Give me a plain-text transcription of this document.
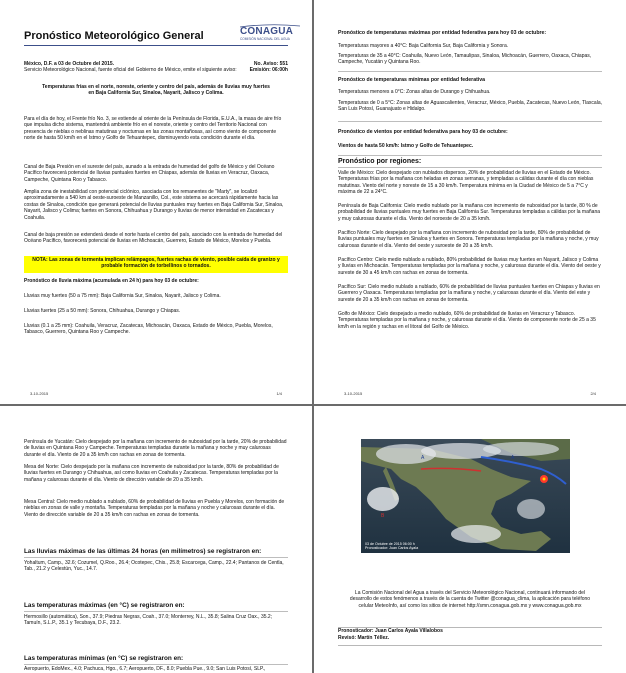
Pronóstico Meteorológico General	CONAGUA
COMISIÓN NACIONAL DEL AGUA
México, D.F. a 03 de Octubre del 2015.
Servicio Meteorológico Nacional, fuente oficial del Gobierno de México, emite el siguiente aviso:
No. Aviso: 551
Emisión: 06:00h
Temperaturas frías en el norte, noreste, oriente y centro del país, además de lluvias muy fuertes en Baja California Sur, Sinaloa, Nayarit, Jalisco y Colima.
Para el día de hoy, el Frente frío No. 3, se extiende al oriente de la Península de Florida, E.U.A., la masa de aire frío que impulsa dicho sistema, mantendrá ambiente frío en el noreste, oriente y centro del Territorio Nacional con presencia de nieblas o neblinas matutinas y nocturnas en las zonas montañosas, así como viento de componente norte de hasta 50 km/h en el Istmo y Golfo de Tehuantepec, disminuyendo esta condición durante el día.
Canal de Baja Presión en el sureste del país, aunado a la entrada de humedad del golfo de México y del Océano Pacífico favorecerá potencial de lluvias puntuales fuertes en Chiapas, además de lluvias en Veracruz, Oaxaca, Campeche, Quintana Roo y Tabasco.
Amplia zona de inestabilidad con potencial ciclónico, asociada con los remanentes de "Marty", se localizó aproximadamente a 540 km al oeste-suroeste de Manzanillo, Col., este sistema se acercará rápidamente hacia las costas de Sinaloa, condición que generará potencial de lluvias puntuales muy fuertes en Baja California Sur, Sinaloa, Nayarit, Jalisco y Colima; fuertes en Sonora, Chihuahua y Durango y lluvias de menor intensidad en Zacatecas y Coahuila.
Canal de baja presión se extenderá desde el norte hasta el centro del país, asociado con la entrada de humedad del Océano Pacífico, favorecerá potencial de lluvias en Michoacán, Guerrero, Estado de México, Morelos y Puebla.
NOTA: Las zonas de tormenta implican relámpagos, fuertes rachas de viento, posible caída de granizo y probable formación de torbellinos o tornados.
Pronóstico de lluvia máxima (acumulada en 24 h) para hoy 03 de octubre:
Lluvias muy fuertes (50 a 75 mm): Baja California Sur, Sinaloa, Nayarit, Jalisco y Colima.
Lluvias fuertes (25 a 50 mm): Sonora, Chihuahua, Durango y Chiapas.
Lluvias (0.1 a 25 mm): Coahuila, Veracruz, Zacatecas, Michoacán, Oaxaca, Estado de México, Puebla, Morelos, Tabasco, Guerrero, Quintana Roo y Campeche.
3-10-2015	1/4
Pronóstico de temperaturas máximas por entidad federativa para hoy 03 de octubre:
Temperaturas mayores a 40°C: Baja California Sur, Baja California y Sonora.
Temperaturas de 35 a 40°C: Coahuila, Nuevo León, Tamaulipas, Sinaloa, Michoacán, Guerrero, Oaxaca, Chiapas, Campeche, Yucatán y Quintana Roo.
Pronóstico de temperaturas mínimas por entidad federativa
Temperaturas menores a 0°C: Zonas altas de Durango y Chihuahua.
Temperaturas de 0 a 5°C: Zonas altas de Aguascalientes, Veracruz, México, Puebla, Zacatecas, Nuevo León, Tlaxcala, San Luis Potosí, Guanajuato e Hidalgo.
Pronóstico de vientos por entidad federativa para hoy 03 de octubre:
Vientos de hasta 50 km/h: Istmo y Golfo de Tehuantepec.
Pronóstico por regiones:
Valle de México: Cielo despejado con nublados dispersos, 20% de probabilidad de lluvias en el Estado de México. Temperaturas frías por la mañana con heladas en zonas serranas, y templadas a cálidas durante el día con nieblas matutinas. Viento del norte y noreste de 15 a 30 km/h. Temperatura mínima en la Ciudad de México de 5 a 7°C y máxima de 22 a 24°C.
Península de Baja California: Cielo medio nublado por la mañana con incremento de nubosidad por la tarde, 80 % de probabilidad de lluvias puntuales muy fuertes en Baja California Sur. Temperaturas templadas a cálidas por la mañana y muy calurosas durante el día. Viento del noroeste de 20 a 35 km/h.
Pacífico Norte: Cielo despejado por la mañana con incremento de nubosidad por la tarde, 80% de probabilidad de lluvias puntuales muy fuertes en Sinaloa y fuertes en Sonora. Temperaturas templadas por la mañana y noche, y muy calurosas durante el día. Viento del oeste y suroeste de 20 a 35 km/h.
Pacífico Centro: Cielo medio nublado a nublado, 80% probabilidad de lluvias muy fuertes en Nayarit, Jalisco y Colima y lluvias en Michoacán. Temperaturas templadas por la mañana y noche, y calurosas durante el día. Viento del oeste y sureste de 30 a 45 km/h con rachas en zonas de tormenta.
Pacífico Sur: Cielo medio nublado a nublado, 60% de probabilidad de lluvias puntuales fuertes en Chiapas y lluvias en Guerrero y Oaxaca. Temperaturas templadas por la mañana y noche, y calurosas durante el día. Viento del este y sureste de 20 a 35 km/h con rachas en zonas de tormenta.
Golfo de México: Cielo despejado a medio nublado, 60% de probabilidad de lluvias en Veracruz y Tabasco. Temperaturas templadas por la mañana y noche, y calurosas durante el día. Viento de componente norte de 25 a 35 km/h en la región y rachas en el litoral del Golfo de México.
3-10-2015	2/4
Península de Yucatán: Cielo despejado por la mañana con incremento de nubosidad por la tarde, 20% de probabilidad de lluvias en Quintana Roo y Campeche. Temperaturas templadas durante la mañana y noche y muy calurosas durante el día. Viento de 20 a 35 km/h con rachas en zonas de tormenta.
Mesa del Norte: Cielo despejado por la mañana con incremento de nubosidad por la tarde, 80% de probabilidad de lluvias fuertes en Durango y Chihuahua, así como lluvias en Coahuila y Zacatecas. Temperaturas templadas por la mañana y calurosas durante el día. Viento de dirección variable de 20 a 35 km/h.
Mesa Central: Cielo medio nublado a nublado, 60% de probabilidad de lluvias en Puebla y Morelos, con formación de nieblas en zonas de valle y montaña. Temperaturas templadas por la mañana y noche y calurosas durante el día. Viento de dirección variable de 20 a 35 km/h con rachas en zonas de tormenta.
Las lluvias máximas de las últimas 24 horas (en milímetros) se registraron en:
Yohaltum, Camp., 32.6; Cozumel, Q.Roo., 26.4; Ocotepec, Chis., 25.8; Escarcega, Camp., 22.4; Pantanos de Centla, Tab., 21.2 y Celestún, Yuc., 14.7.
Las temperaturas máximas (en °C) se registraron en:
Hermosillo (automática), Son., 37.9; Piedras Negras, Coah., 37.0; Monterrey, N.L., 35.8; Salina Cruz Oax., 35.2; Tamuín, S.L.P., 35.1 y Tecubaya, D.F., 23.2.
Las temperaturas mínimas (en °C) se registraron en:
Aeropuerto, EdoMex., 4.0; Pachuca, Hgo., 6.7; Aeropuerto, DF., 8.0; Puebla Pue., 9.0; San Luis Potosí, SLP.,
A
B
A
03 de Octubre de 2015 06:00 h
Pronosticador: Juan Carlos Ayala
La Comisión Nacional del Agua a través del Servicio Meteorológico Nacional, continuará informando del desarrollo de estos fenómenos a través de la cuenta de Twitter @conagua_clima, la aplicación para teléfono celular MeteoInfo, así como los sitios de internet http://smn.conagua.gob.mx y www.conagua.gob.mx
Pronosticador: Juan Carlos Ayala Villalobos
Revisó: Martín Téllez.
